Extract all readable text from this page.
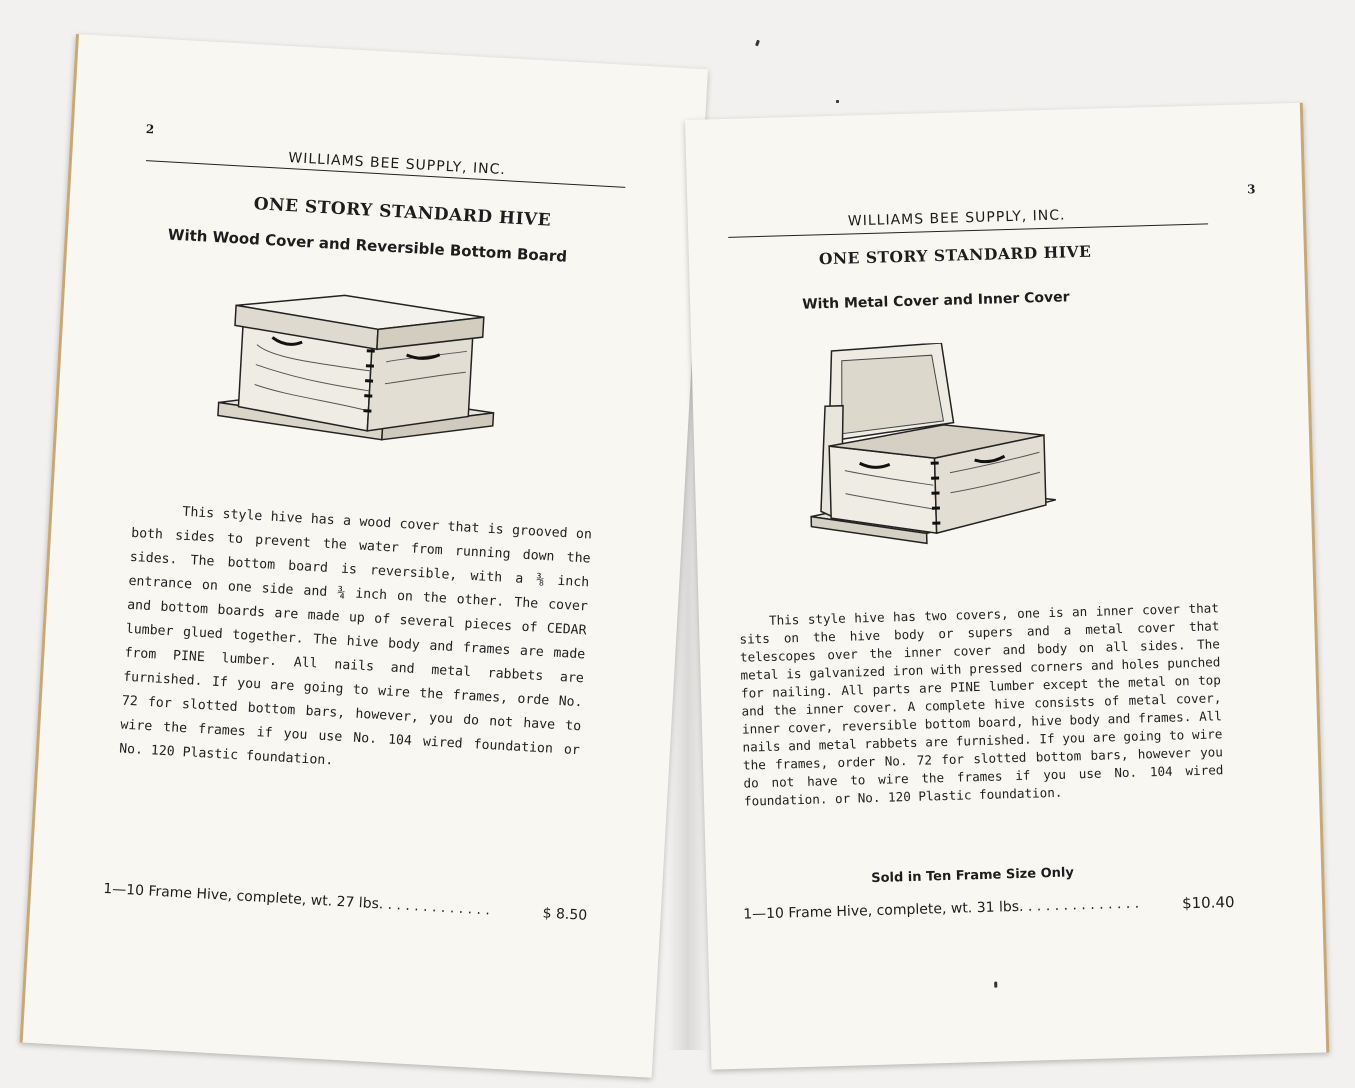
2
WILLIAMS BEE SUPPLY, INC.
ONE STORY STANDARD HIVE
With Wood Cover and Reversible Bottom Board
This style hive has a wood cover that is grooved on both sides to prevent the water from running down the sides. The bottom board is reversible, with a ⅜ inch entrance on one side and ¾ inch on the other. The cover and bottom boards are made up of several pieces of CEDAR lumber glued together. The hive body and frames are made from PINE lumber. All nails and metal rabbets are furnished. If you are going to wire the frames, orde No. 72 for slotted bottom bars, however, you do not have to wire the frames if you use No. 104 wired foundation or No. 120 Plastic foundation.
1—10 Frame Hive, complete, wt. 27 lbs. . . . . . . . . . . . .	$ 8.50
3
WILLIAMS BEE SUPPLY, INC.
ONE STORY STANDARD HIVE
With Metal Cover and Inner Cover
This style hive has two covers, one is an inner cover that sits on the hive body or supers and a metal cover that telescopes over the inner cover and body on all sides. The metal is galvanized iron with pressed corners and holes punched for nailing. All parts are PINE lumber except the metal on top and the inner cover. A complete hive consists of metal cover, inner cover, reversible bottom board, hive body and frames. All nails and metal rabbets are furnished. If you are going to wire the frames, order No. 72 for slotted bottom bars, however you do not have to wire the frames if you use No. 104 wired foundation. or No. 120 Plastic foundation.
Sold in Ten Frame Size Only
1—10 Frame Hive, complete, wt. 31 lbs. . . . . . . . . . . . . .	$10.40
